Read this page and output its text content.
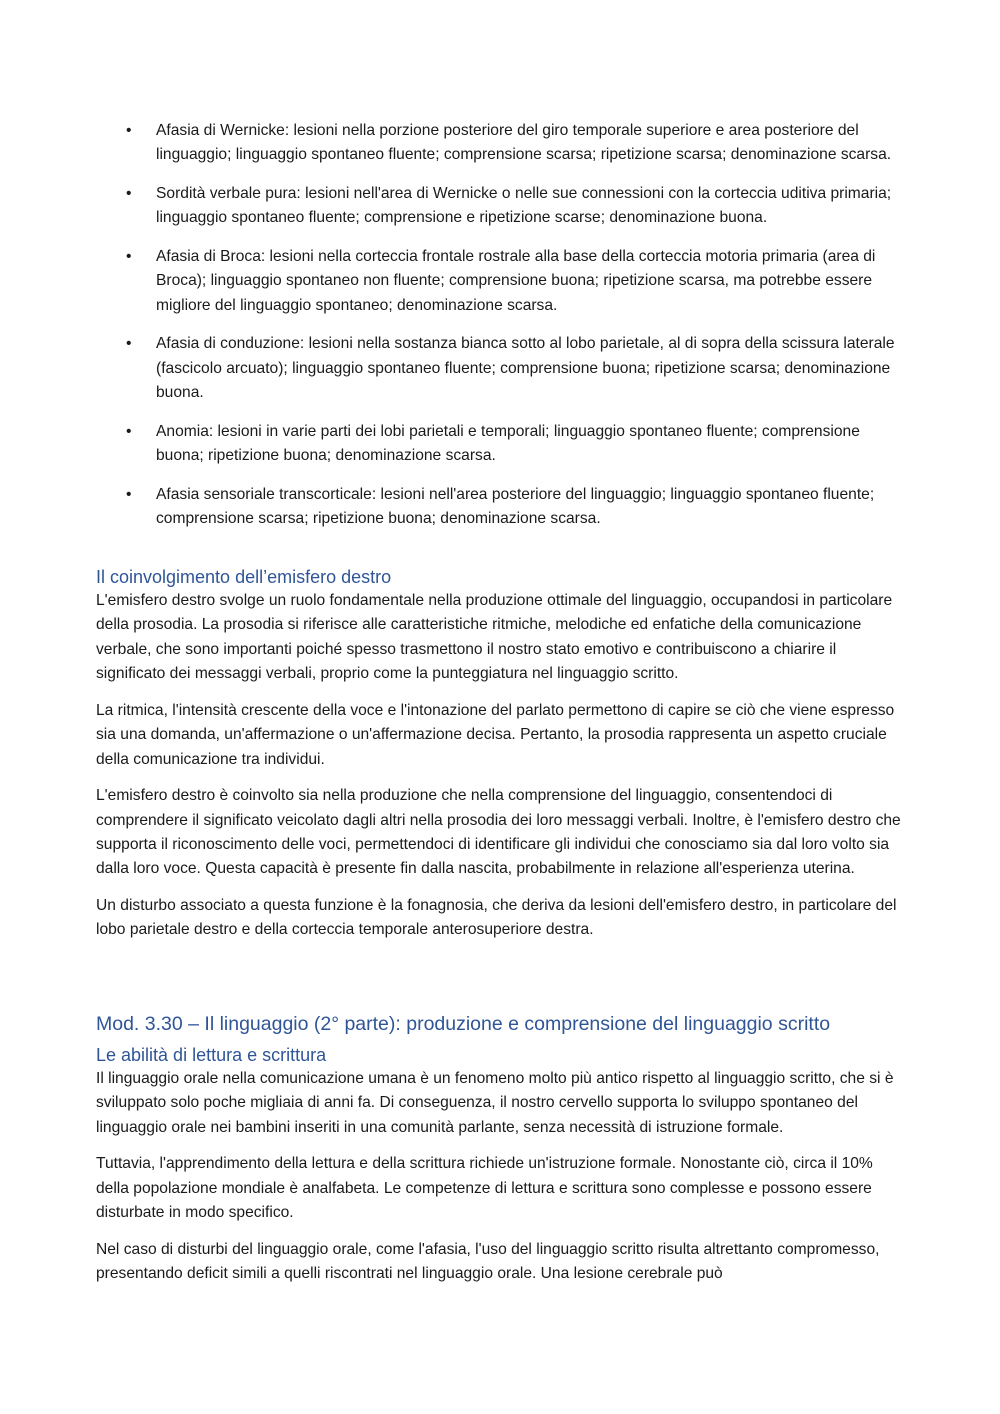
• Afasia di Wernicke: lesioni nella porzione posteriore del giro temporale superiore e area posteriore del linguaggio; linguaggio spontaneo fluente; comprensione scarsa; ripetizione scarsa; denominazione scarsa.
• Sordità verbale pura: lesioni nell'area di Wernicke o nelle sue connessioni con la corteccia uditiva primaria; linguaggio spontaneo fluente; comprensione e ripetizione scarse; denominazione buona.
• Afasia di Broca: lesioni nella corteccia frontale rostrale alla base della corteccia motoria primaria (area di Broca); linguaggio spontaneo non fluente; comprensione buona; ripetizione scarsa, ma potrebbe essere migliore del linguaggio spontaneo; denominazione scarsa.
• Afasia di conduzione: lesioni nella sostanza bianca sotto al lobo parietale, al di sopra della scissura laterale (fascicolo arcuato); linguaggio spontaneo fluente; comprensione buona; ripetizione scarsa; denominazione buona.
• Anomia: lesioni in varie parti dei lobi parietali e temporali; linguaggio spontaneo fluente; comprensione buona; ripetizione buona; denominazione scarsa.
• Afasia sensoriale transcorticale: lesioni nell'area posteriore del linguaggio; linguaggio spontaneo fluente; comprensione scarsa; ripetizione buona; denominazione scarsa.
Il coinvolgimento dell’emisfero destro

L'emisfero destro svolge un ruolo fondamentale nella produzione ottimale del linguaggio, occupandosi in particolare della prosodia. La prosodia si riferisce alle caratteristiche ritmiche, melodiche ed enfatiche della comunicazione verbale, che sono importanti poiché spesso trasmettono il nostro stato emotivo e contribuiscono a chiarire il significato dei messaggi verbali, proprio come la punteggiatura nel linguaggio scritto.

La ritmica, l'intensità crescente della voce e l'intonazione del parlato permettono di capire se ciò che viene espresso sia una domanda, un'affermazione o un'affermazione decisa. Pertanto, la prosodia rappresenta un aspetto cruciale della comunicazione tra individui.

L'emisfero destro è coinvolto sia nella produzione che nella comprensione del linguaggio, consentendoci di comprendere il significato veicolato dagli altri nella prosodia dei loro messaggi verbali. Inoltre, è l'emisfero destro che supporta il riconoscimento delle voci, permettendoci di identificare gli individui che conosciamo sia dal loro volto sia dalla loro voce. Questa capacità è presente fin dalla nascita, probabilmente in relazione all'esperienza uterina.

Un disturbo associato a questa funzione è la fonagnosia, che deriva da lesioni dell'emisfero destro, in particolare del lobo parietale destro e della corteccia temporale anterosuperiore destra.

Mod. 3.30 – Il linguaggio (2° parte): produzione e comprensione del linguaggio scritto
Le abilità di lettura e scrittura

Il linguaggio orale nella comunicazione umana è un fenomeno molto più antico rispetto al linguaggio scritto, che si è sviluppato solo poche migliaia di anni fa. Di conseguenza, il nostro cervello supporta lo sviluppo spontaneo del linguaggio orale nei bambini inseriti in una comunità parlante, senza necessità di istruzione formale.

Tuttavia, l'apprendimento della lettura e della scrittura richiede un'istruzione formale. Nonostante ciò, circa il 10% della popolazione mondiale è analfabeta. Le competenze di lettura e scrittura sono complesse e possono essere disturbate in modo specifico.

Nel caso di disturbi del linguaggio orale, come l'afasia, l'uso del linguaggio scritto risulta altrettanto compromesso, presentando deficit simili a quelli riscontrati nel linguaggio orale. Una lesione cerebrale può
